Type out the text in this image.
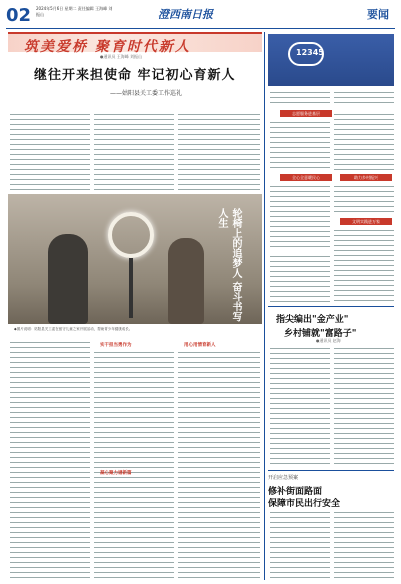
02 2024年5月6日 星期二 责任编辑 王海峰 刘振山	澄西南日报	要闻
筑美爱桥 聚育时代新人
●通讯员 王海峰 刘振山
继往开来担使命 牢记初心育新人
——姑阳县关工委工作巡礼
轮椅上的追梦人 奋斗书写人生
◆图片说明：姑阳县关工委在留守儿童之家开展活动，帮助青少年健康成长。
实干担当勇作为	用心用情育新人
凝心聚力谱新篇
12345
志愿服务进基层
全心全意暖民心	助力乡村振兴
文明实践进万家
指尖编出"金产业"
乡村铺就"富路子"
●通讯员 赵海
开启应急预案
修补街面路面
保障市民出行安全
